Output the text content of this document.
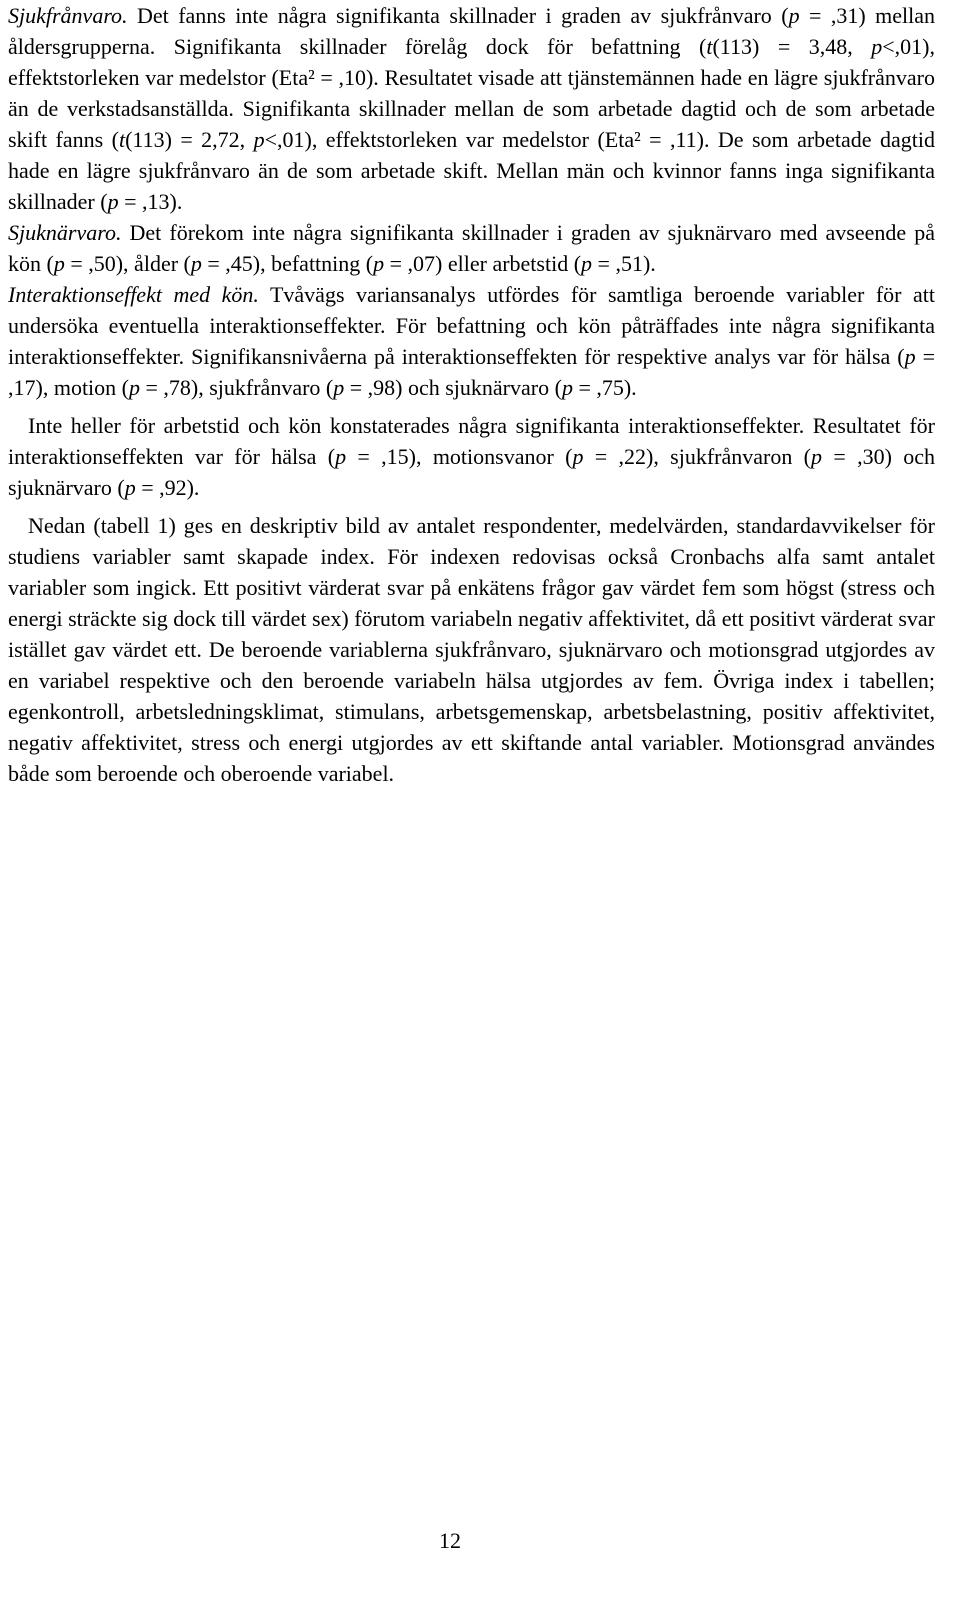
Sjukfrånvaro. Det fanns inte några signifikanta skillnader i graden av sjukfrånvaro (p = ,31) mellan åldersgrupperna. Signifikanta skillnader förelåg dock för befattning (t(113) = 3,48, p<,01), effektstorleken var medelstor (Eta² = ,10). Resultatet visade att tjänstemännen hade en lägre sjukfrånvaro än de verkstadsanställda. Signifikanta skillnader mellan de som arbetade dagtid och de som arbetade skift fanns (t(113) = 2,72, p<,01), effektstorleken var medelstor (Eta² = ,11). De som arbetade dagtid hade en lägre sjukfrånvaro än de som arbetade skift. Mellan män och kvinnor fanns inga signifikanta skillnader (p = ,13).

Sjuknärvaro. Det förekom inte några signifikanta skillnader i graden av sjuknärvaro med avseende på kön (p = ,50), ålder (p = ,45), befattning (p = ,07) eller arbetstid (p = ,51).

Interaktionseffekt med kön. Tvåvägs variansanalys utfördes för samtliga beroende variabler för att undersöka eventuella interaktionseffekter. För befattning och kön påträffades inte några signifikanta interaktionseffekter. Signifikansnivåerna på interaktionseffekten för respektive analys var för hälsa (p = ,17), motion (p = ,78), sjukfrånvaro (p = ,98) och sjuknärvaro (p = ,75).

Inte heller för arbetstid och kön konstaterades några signifikanta interaktionseffekter. Resultatet för interaktionseffekten var för hälsa (p = ,15), motionsvanor (p = ,22), sjukfrånvaron (p = ,30) och sjuknärvaro (p = ,92).

Nedan (tabell 1) ges en deskriptiv bild av antalet respondenter, medelvärden, standardavvikelser för studiens variabler samt skapade index. För indexen redovisas också Cronbachs alfa samt antalet variabler som ingick. Ett positivt värderat svar på enkätens frågor gav värdet fem som högst (stress och energi sträckte sig dock till värdet sex) förutom variabeln negativ affektivitet, då ett positivt värderat svar istället gav värdet ett. De beroende variablerna sjukfrånvaro, sjuknärvaro och motionsgrad utgjordes av en variabel respektive och den beroende variabeln hälsa utgjordes av fem. Övriga index i tabellen; egenkontroll, arbetsledningsklimat, stimulans, arbetsgemenskap, arbetsbelastning, positiv affektivitet, negativ affektivitet, stress och energi utgjordes av ett skiftande antal variabler. Motionsgrad användes både som beroende och oberoende variabel.

12
